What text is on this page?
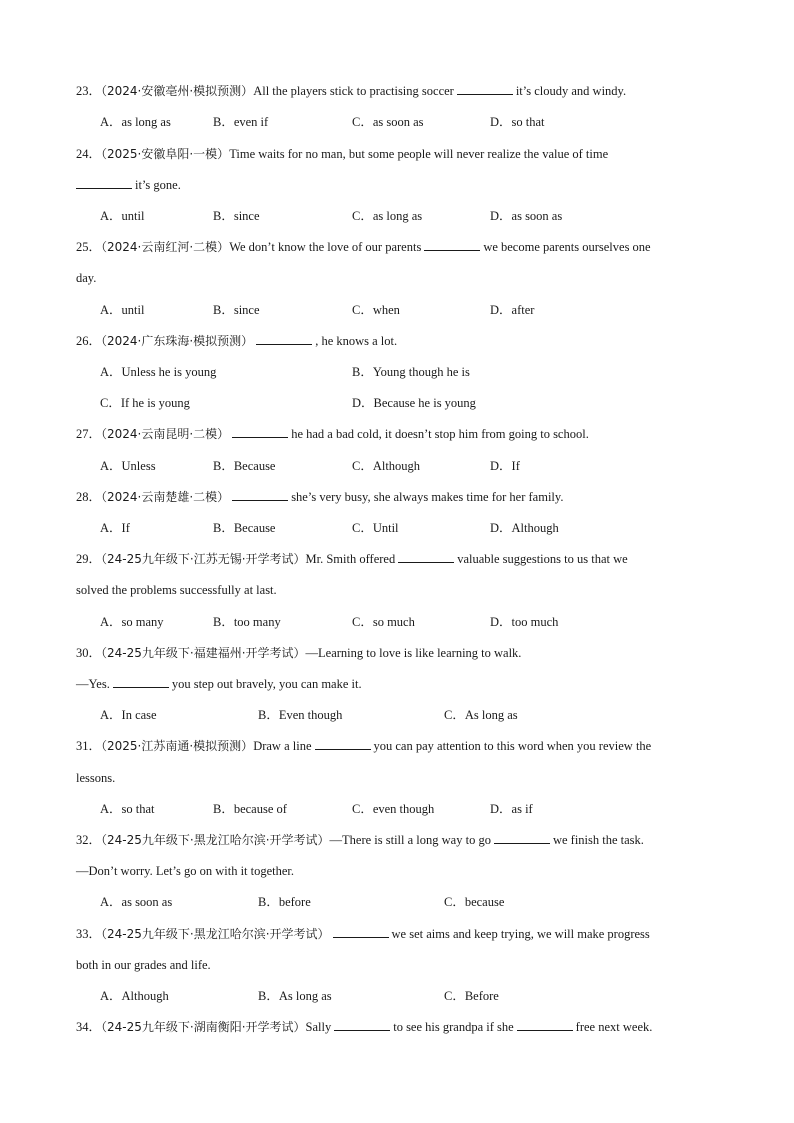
23．（2024·安徽亳州·模拟预测）All the players stick to practising soccer	it’s cloudy and windy.
A．as long as	B．even if	C．as soon as	D．so that
24．（2025·安徽阜阳·一模）Time waits for no man, but some people will never realize the value of time
it’s gone.
A．until	B．since	C．as long as	D．as soon as
25．（2024·云南红河·二模）We don’t know the love of our parents	we become parents ourselves one
day.
A．until	B．since	C．when	D．after
26．（2024·广东珠海·模拟预测）	, he knows a lot.
A．Unless he is young	B．Young though he is
C．If he is young	D．Because he is young
27．（2024·云南昆明·二模）	he had a bad cold, it doesn’t stop him from going to school.
A．Unless	B．Because	C．Although	D．If
28．（2024·云南楚雄·二模）	she’s very busy, she always makes time for her family.
A．If	B．Because	C．Until	D．Although
29．（24-25九年级下·江苏无锡·开学考试）Mr. Smith offered	valuable suggestions to us that we
solved the problems successfully at last.
A．so many	B．too many	C．so much	D．too much
30．（24-25九年级下·福建福州·开学考试）—Learning to love is like learning to walk.
—Yes.	you step out bravely, you can make it.
A．In case	B．Even though	C．As long as
31．（2025·江苏南通·模拟预测）Draw a line	you can pay attention to this word when you review the
lessons.
A．so that	B．because of	C．even though	D．as if
32．（24-25九年级下·黑龙江哈尔滨·开学考试）—There is still a long way to go	we finish the task.
—Don’t worry. Let’s go on with it together.
A．as soon as	B．before	C．because
33．（24-25九年级下·黑龙江哈尔滨·开学考试）	we set aims and keep trying, we will make progress
both in our grades and life.
A．Although	B．As long as	C．Before
34．（24-25九年级下·湖南衡阳·开学考试）Sally	to see his grandpa if she	free next week.
